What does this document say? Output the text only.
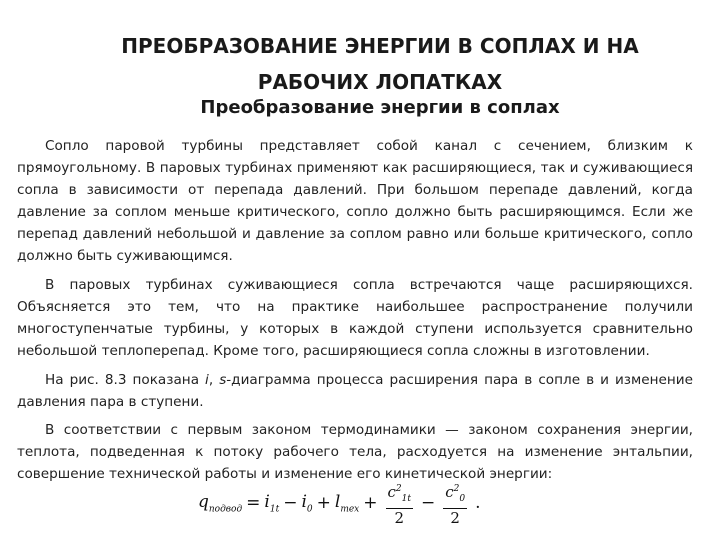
ПРЕОБРАЗОВАНИЕ ЭНЕРГИИ В СОПЛАХ И НА
РАБОЧИХ ЛОПАТКАХ
Преобразование энергии в соплах

Сопло паровой турбины представляет собой канал с сечением, близким к прямоугольному. В паровых турбинах применяют как расширяющиеся, так и суживающиеся сопла в зависимости от перепада давлений. При большом перепаде давлений, когда давление за соплом меньше критического, сопло должно быть расширяющимся. Если же перепад давлений небольшой и давление за соплом равно или больше критического, сопло должно быть суживающимся.

В паровых турбинах суживающиеся сопла встречаются чаще расширяющихся. Объясняется это тем, что на практике наибольшее распространение получили многоступенчатые турбины, у которых в каждой ступени используется сравнительно небольшой теплоперепад. Кроме того, расширяющиеся сопла сложны в изготовлении.

На рис. 8.3 показана i, s-диаграмма процесса расширения пара в сопле в и изменение давления пара в ступени.

В соответствии с первым законом термодинамики — законом сохранения энергии, теплота, подведенная к потоку рабочего тела, расходуется на изменение энтальпии, совершение технической работы и изменение его кинетической энергии:

$q_{подвод} = i_{1t} - i_0 + l_{тех} + \frac{c^2_{1t}}{2} - \frac{c^2_0}{2}$ .
